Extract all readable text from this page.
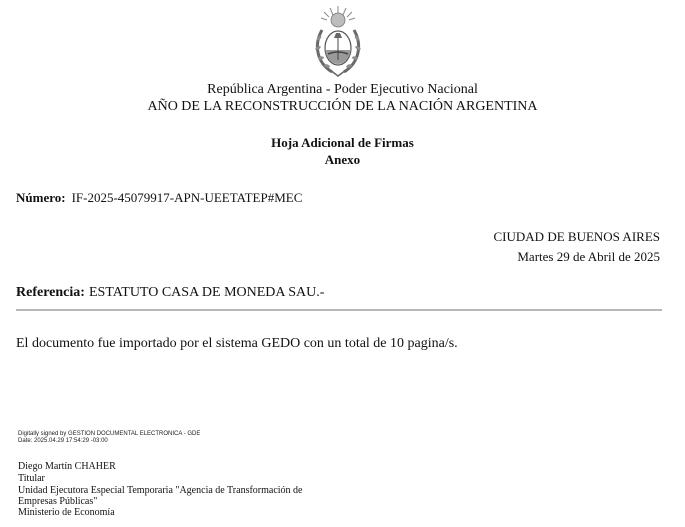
República Argentina - Poder Ejecutivo Nacional
AÑO DE LA RECONSTRUCCIÓN DE LA NACIÓN ARGENTINA
Hoja Adicional de Firmas
Anexo
Número: IF-2025-45079917-APN-UEETATEP#MEC
CIUDAD DE BUENOS AIRES
Martes 29 de Abril de 2025
Referencia: ESTATUTO CASA DE MONEDA SAU.-
El documento fue importado por el sistema GEDO con un total de 10 pagina/s.
Digitally signed by GESTION DOCUMENTAL ELECTRONICA - GDE
Date: 2025.04.29 17:54:29 -03:00
Diego Martín CHAHER
Titular
Unidad Ejecutora Especial Temporaria "Agencia de Transformación de
Empresas Públicas"
Ministerio de Economía
